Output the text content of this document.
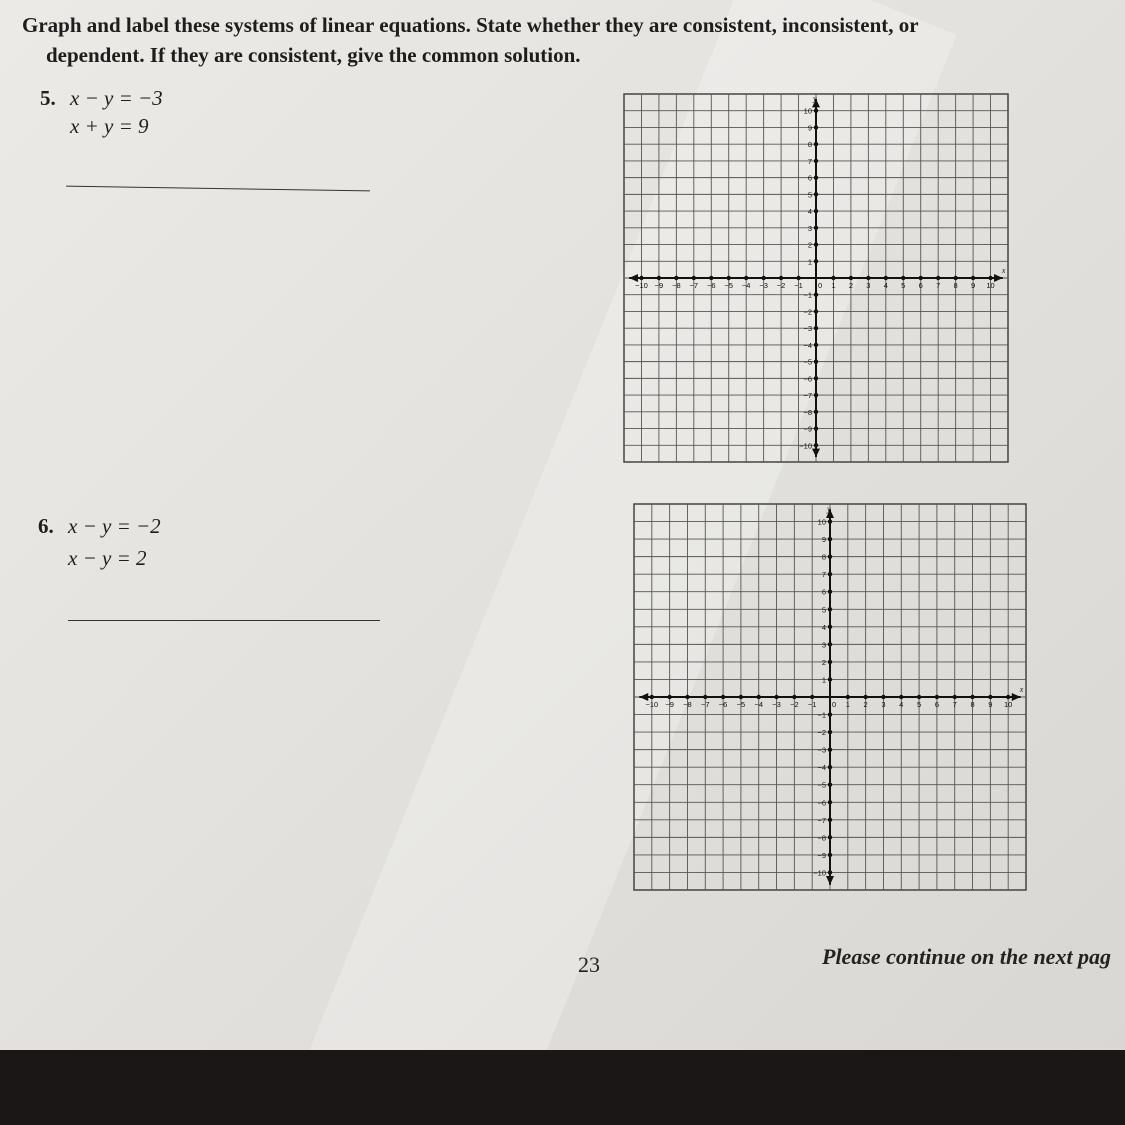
Graph and label these systems of linear equations. State whether they are consistent, inconsistent, or
dependent. If they are consistent, give the common solution.

5. x − y = −3
x + y = 9
x
y
0
−10
−10
−9
−9
−8
−8
−7
−7
−6
−6
−5
−5
−4
−4
−3
−3
−2
−2
−1
−1
1
1
2
2
3
3
4
4
5
5
6
6
7
7
8
8
9
9
10
10
6. x − y = −2
x − y = 2
x
y
0
−10
−10
−9
−9
−8
−8
−7
−7
−6
−6
−5
−5
−4
−4
−3
−3
−2
−2
−1
−1
1
1
2
2
3
3
4
4
5
5
6
6
7
7
8
8
9
9
10
10
23	Please continue on the next pag
